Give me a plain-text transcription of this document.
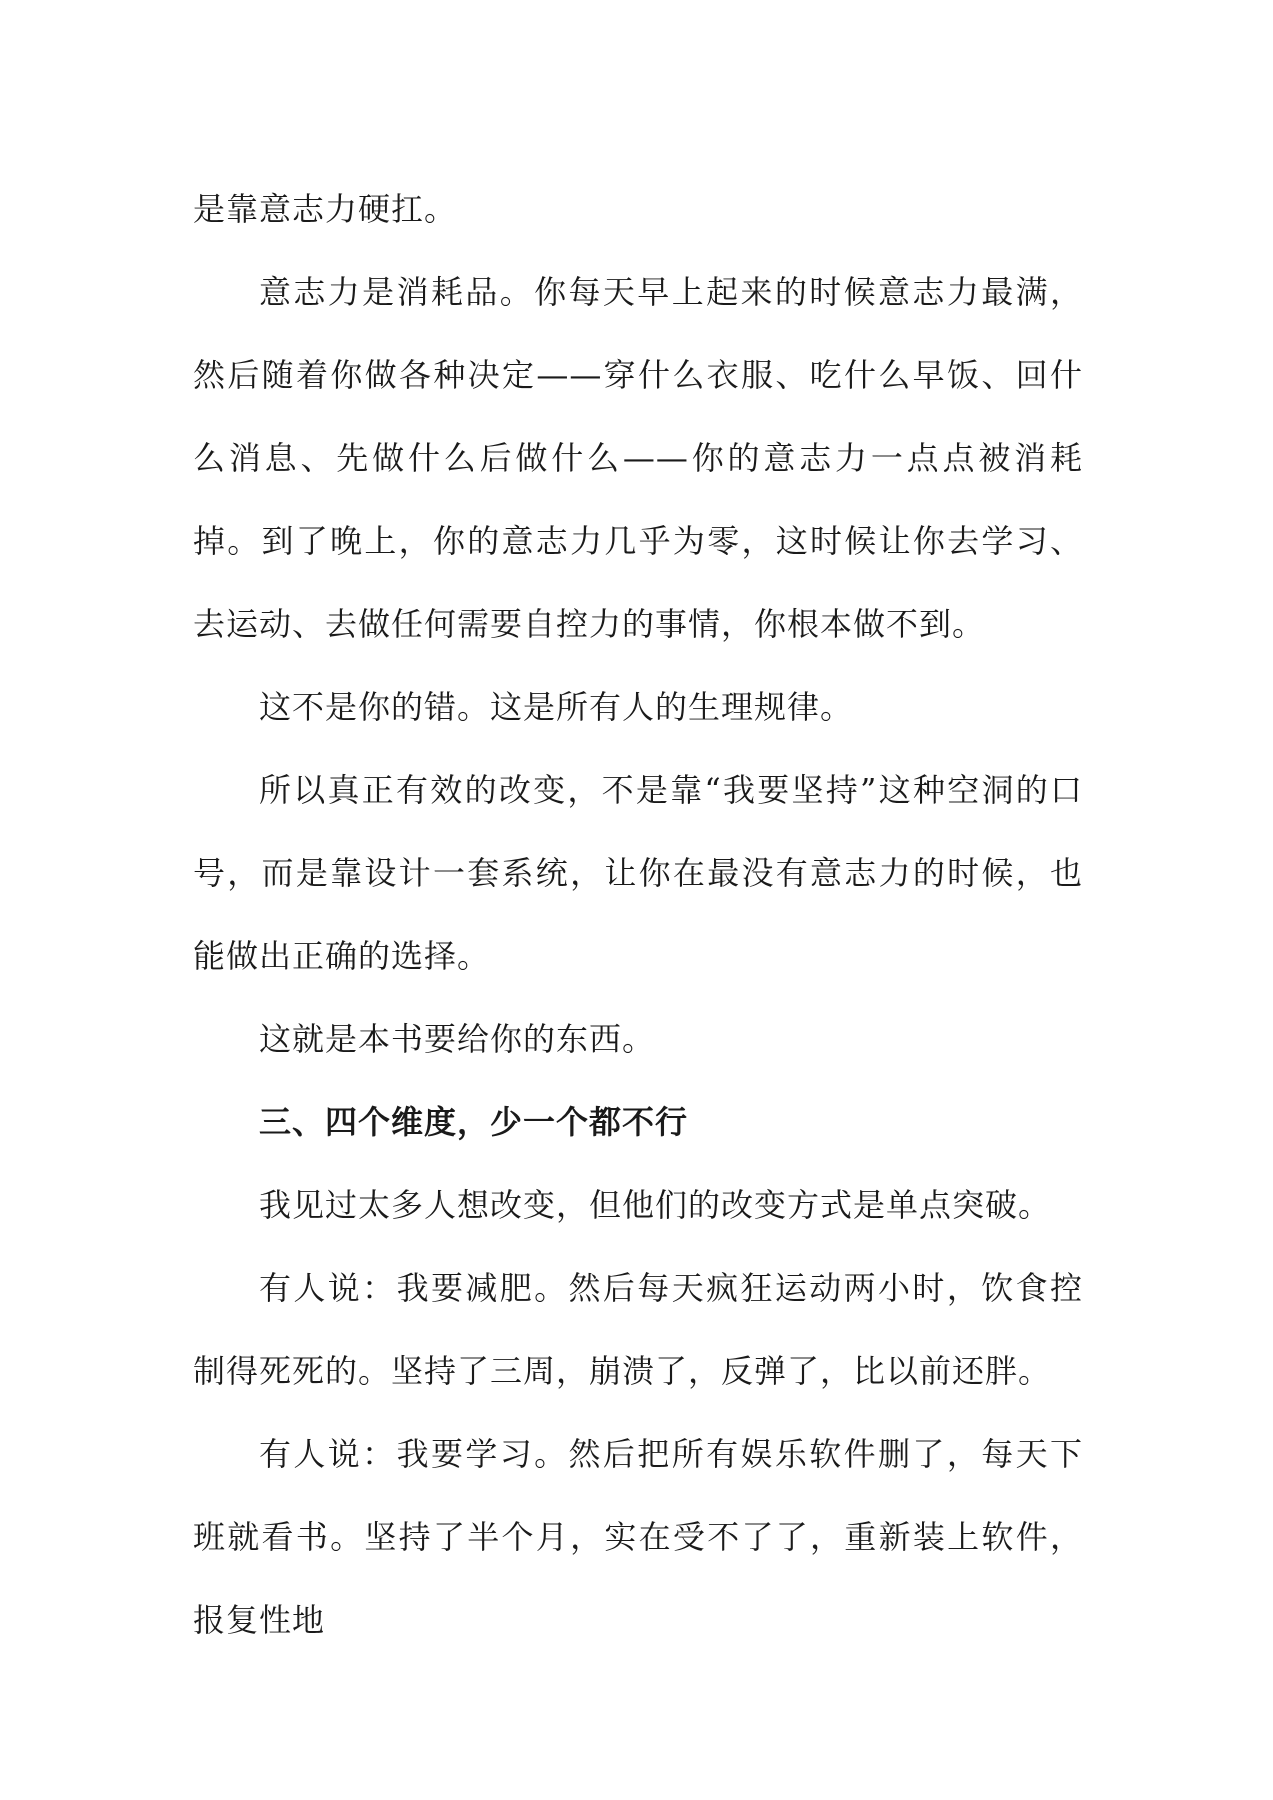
是靠意志力硬扛。

意志力是消耗品。你每天早上起来的时候意志力最满，然后随着你做各种决定——穿什么衣服、吃什么早饭、回什么消息、先做什么后做什么——你的意志力一点点被消耗掉。到了晚上，你的意志力几乎为零，这时候让你去学习、去运动、去做任何需要自控力的事情，你根本做不到。

这不是你的错。这是所有人的生理规律。

所以真正有效的改变，不是靠“我要坚持”这种空洞的口号，而是靠设计一套系统，让你在最没有意志力的时候，也能做出正确的选择。

这就是本书要给你的东西。

三、四个维度，少一个都不行

我见过太多人想改变，但他们的改变方式是单点突破。

有人说：我要减肥。然后每天疯狂运动两小时，饮食控制得死死的。坚持了三周，崩溃了，反弹了，比以前还胖。

有人说：我要学习。然后把所有娱乐软件删了，每天下班就看书。坚持了半个月，实在受不了了，重新装上软件，报复性地
